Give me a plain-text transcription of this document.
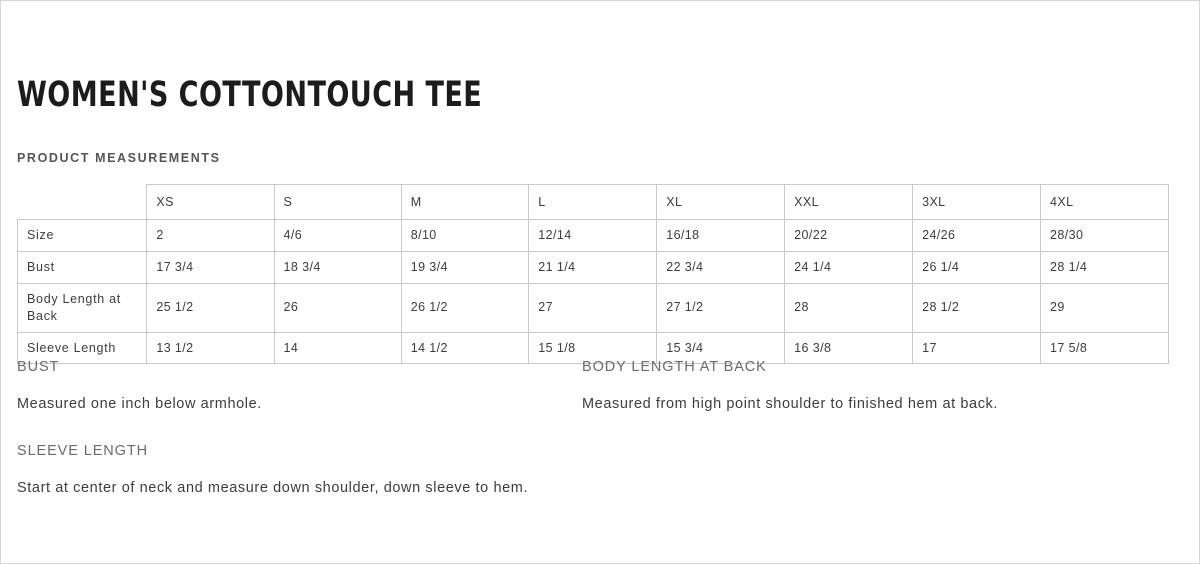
WOMEN'S COTTONTOUCH TEE
PRODUCT MEASUREMENTS
	XS	S	M	L	XL	XXL	3XL	4XL
Size	2	4/6	8/10	12/14	16/18	20/22	24/26	28/30
Bust	17 3/4	18 3/4	19 3/4	21 1/4	22 3/4	24 1/4	26 1/4	28 1/4
Body Length at Back	25 1/2	26	26 1/2	27	27 1/2	28	28 1/2	29
Sleeve Length	13 1/2	14	14 1/2	15 1/8	15 3/4	16 3/8	17	17 5/8
BUST
Measured one inch below armhole.
BODY LENGTH AT BACK
Measured from high point shoulder to finished hem at back.
SLEEVE LENGTH
Start at center of neck and measure down shoulder, down sleeve to hem.
